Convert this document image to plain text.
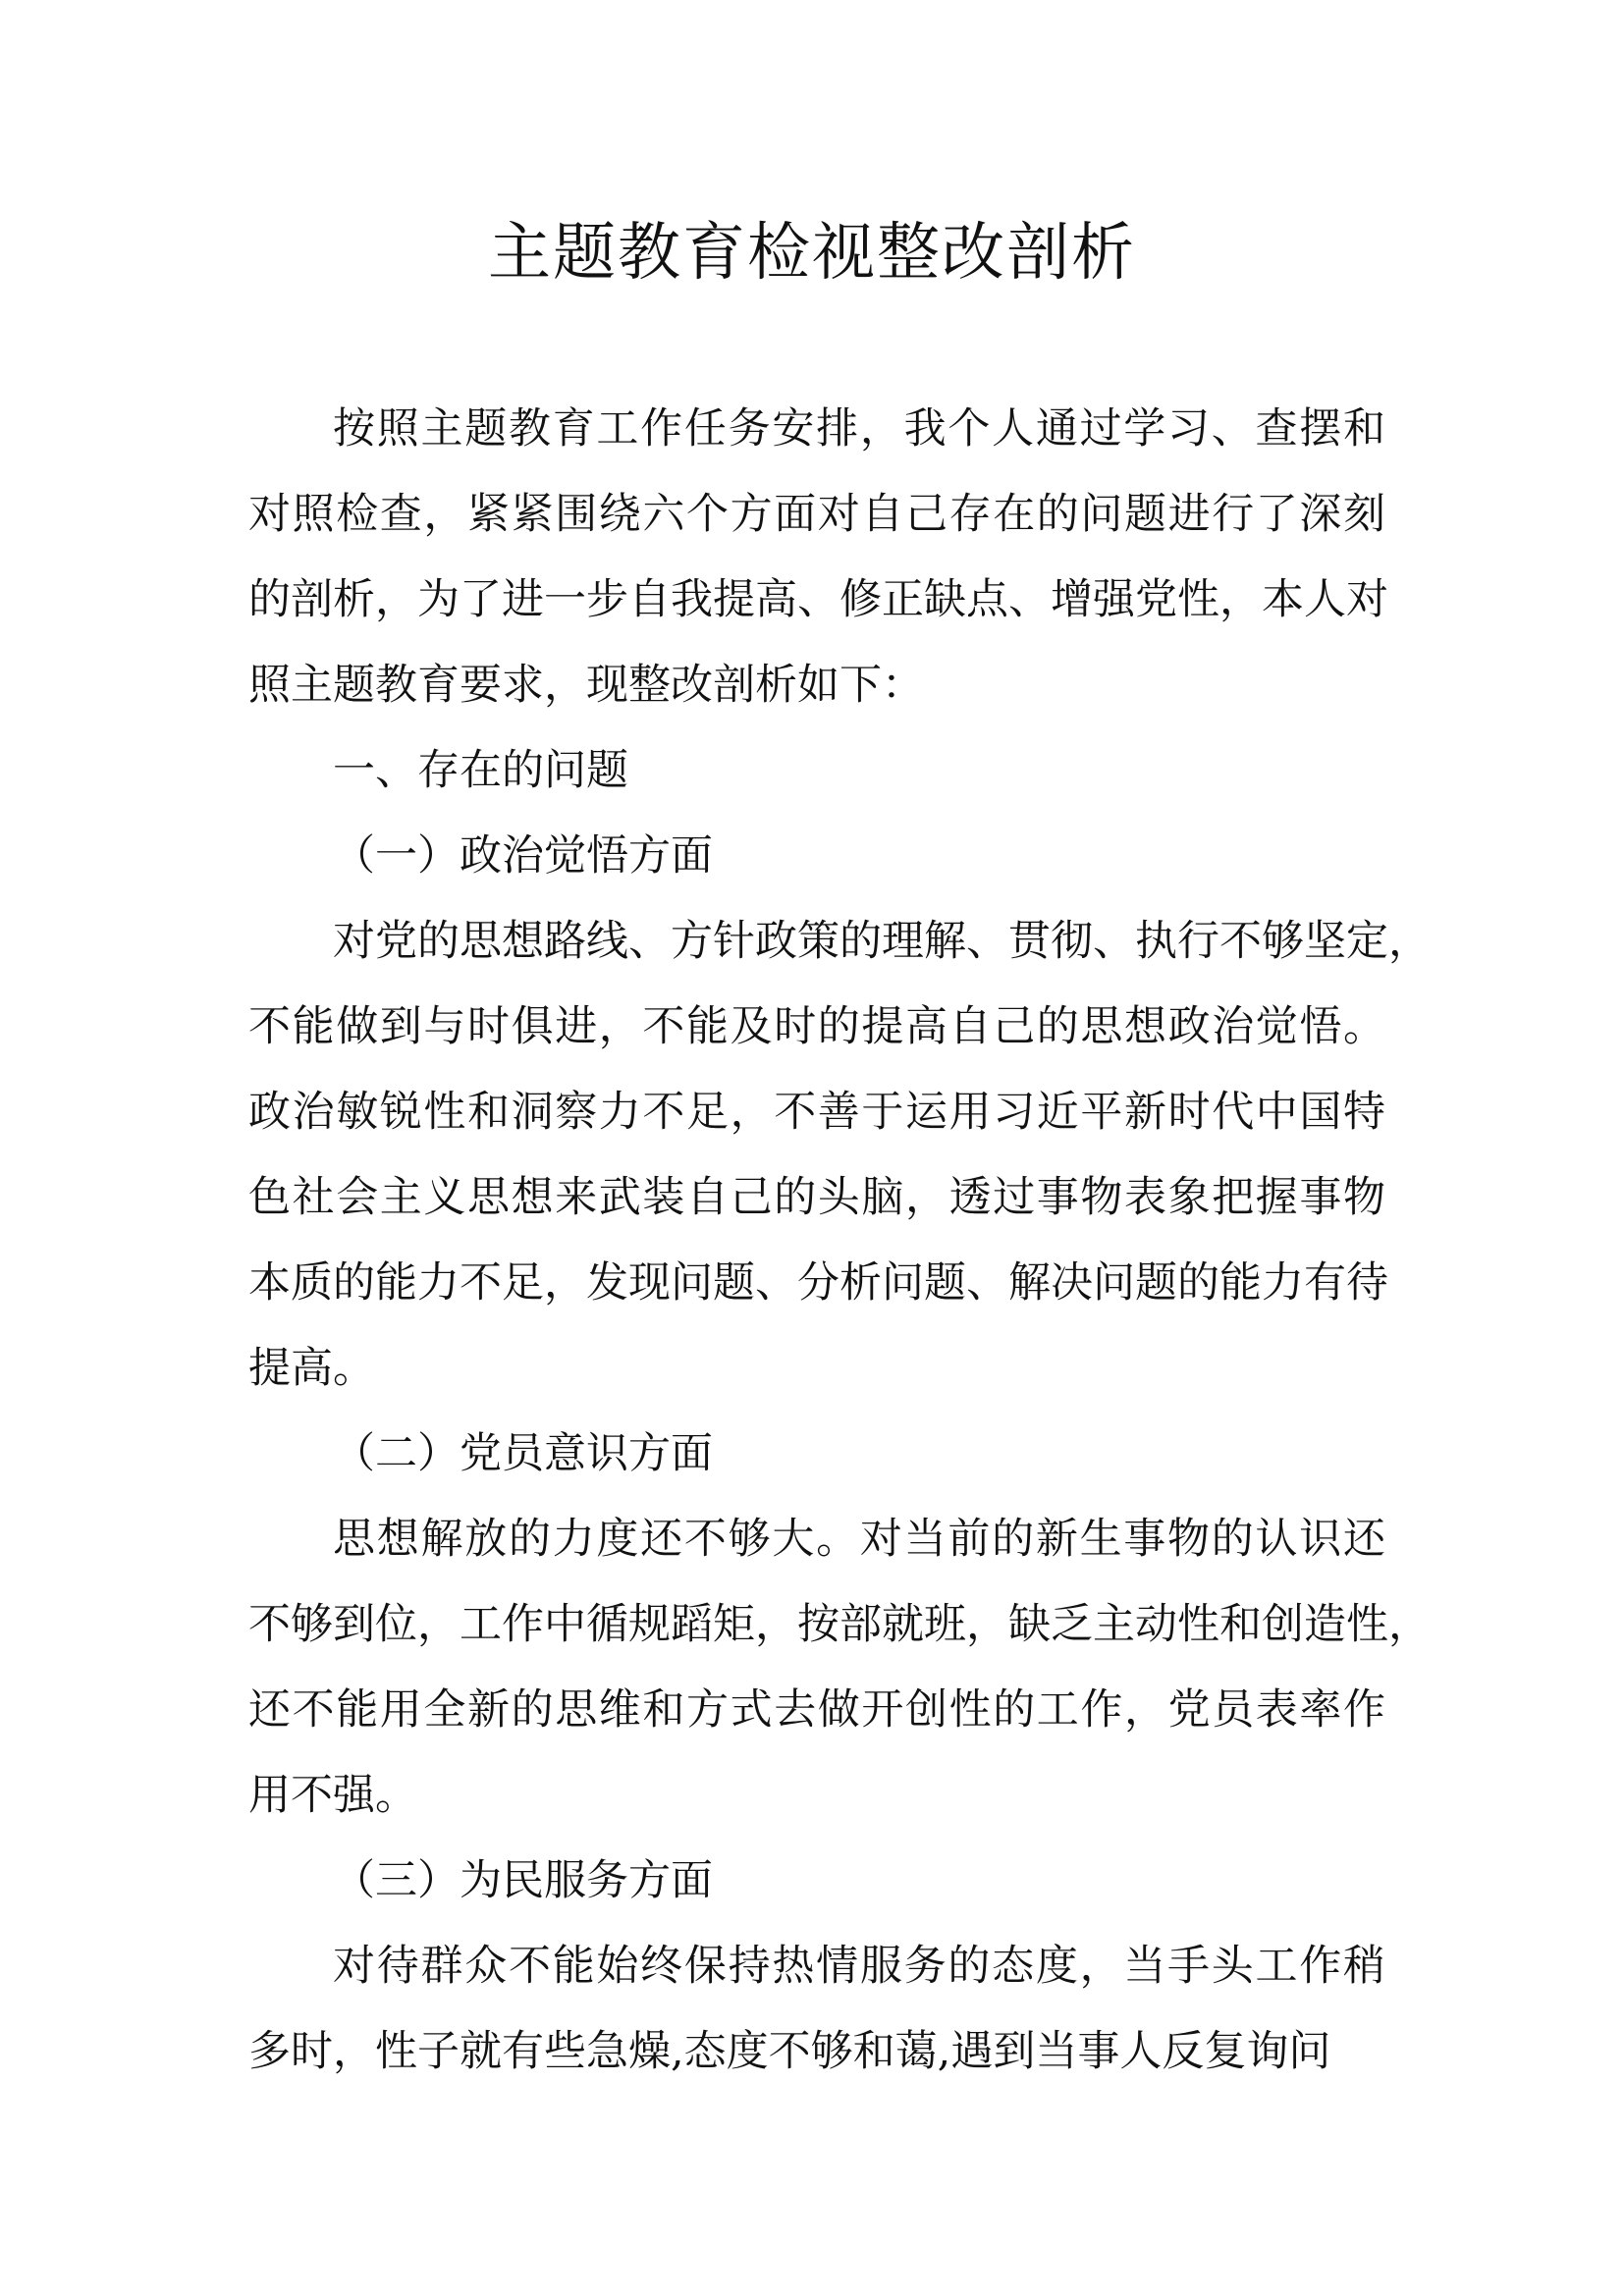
主题教育检视整改剖析
按照主题教育工作任务安排，我个人通过学习、查摆和
对照检查，紧紧围绕六个方面对自己存在的问题进行了深刻
的剖析，为了进一步自我提高、修正缺点、增强党性，本人对
照主题教育要求，现整改剖析如下：
一、存在的问题
（一）政治觉悟方面
对党的思想路线、方针政策的理解、贯彻、执行不够坚定，
不能做到与时俱进，不能及时的提高自己的思想政治觉悟。
政治敏锐性和洞察力不足，不善于运用习近平新时代中国特
色社会主义思想来武装自己的头脑，透过事物表象把握事物
本质的能力不足，发现问题、分析问题、解决问题的能力有待
提高。
（二）党员意识方面
思想解放的力度还不够大。对当前的新生事物的认识还
不够到位，工作中循规蹈矩，按部就班，缺乏主动性和创造性，
还不能用全新的思维和方式去做开创性的工作，党员表率作
用不强。
（三）为民服务方面
对待群众不能始终保持热情服务的态度，当手头工作稍
多时，性子就有些急燥,态度不够和蔼,遇到当事人反复询问
